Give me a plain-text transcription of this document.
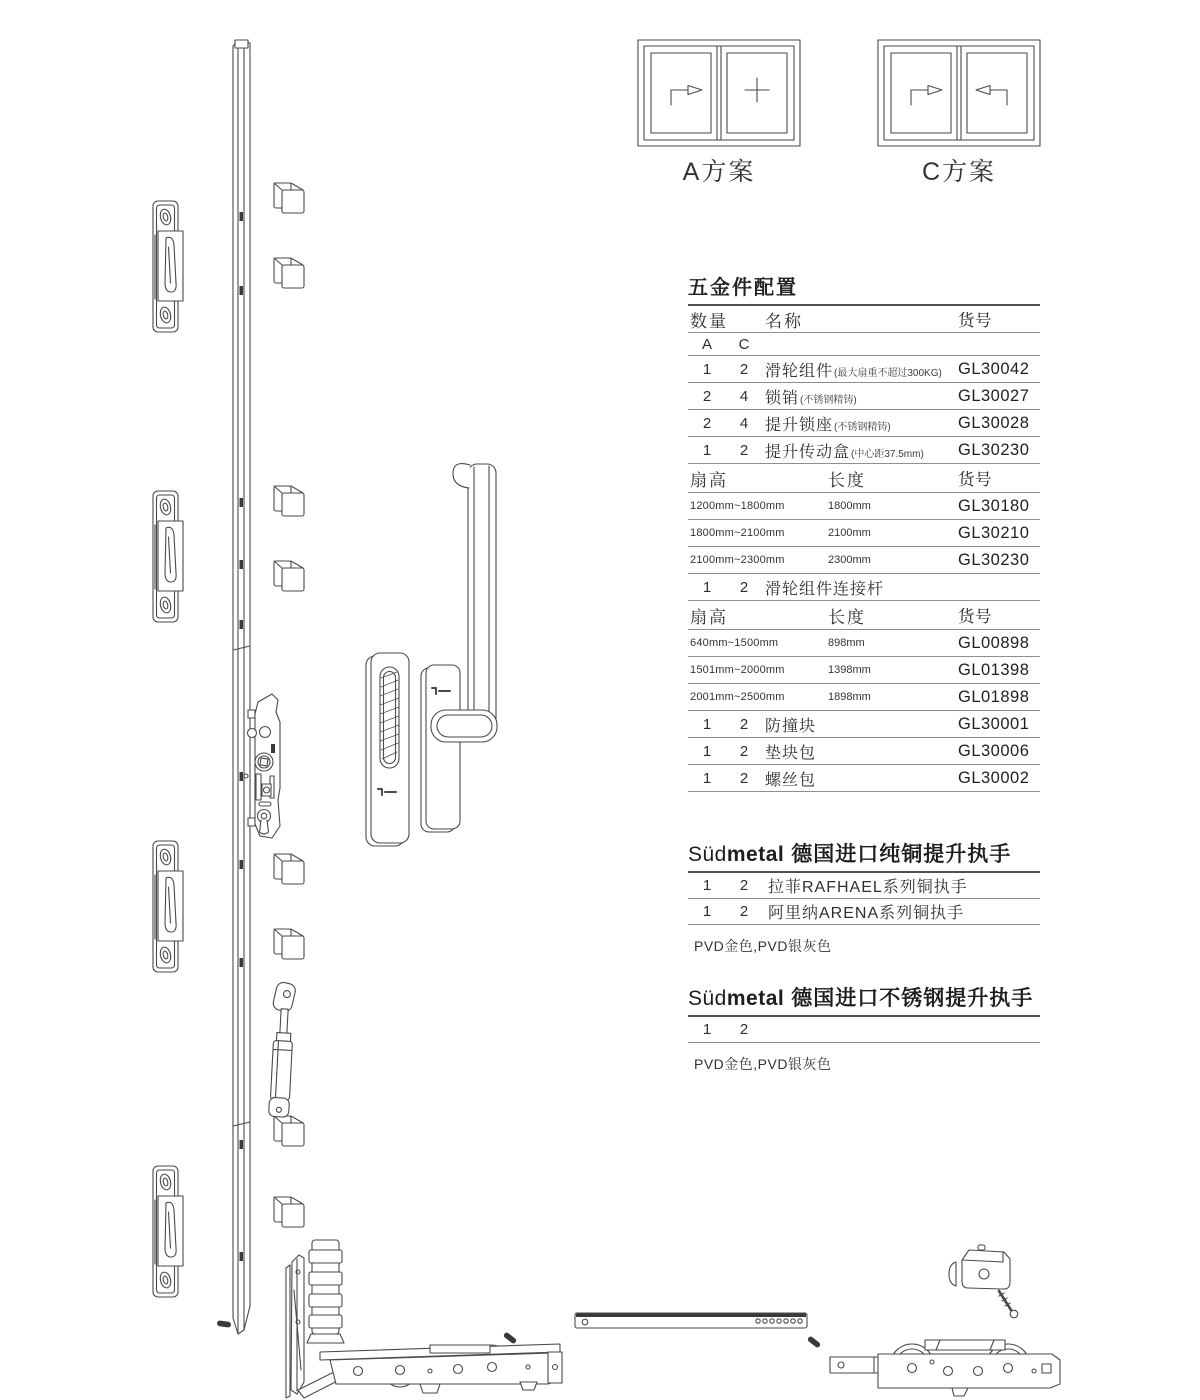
A方案	C方案
五金件配置
数量	名称	货号
A	C
1	2	滑轮组件(最大扇重不超过300KG) GL30042
2	4	锁销(不锈钢精铸)	GL30027
2	4	提升锁座(不锈钢精铸)	GL30028
1	2	提升传动盒(中心距37.5mm)	GL30230
扇高	长度	货号
1200mm~1800mm	1800mm	GL30180
1800mm~2100mm	2100mm	GL30210
2100mm~2300mm	2300mm	GL30230
1	2	滑轮组件连接杆
扇高	长度	货号
640mm~1500mm	898mm	GL00898
1501mm~2000mm	1398mm	GL01398
2001mm~2500mm	1898mm	GL01898
1	2	防撞块	GL30001
1	2	垫块包	GL30006
1	2	螺丝包	GL30002
Südmetal 德国进口纯铜提升执手
1	2	拉菲RAFHAEL系列铜执手
1	2	阿里纳ARENA系列铜执手
PVD金色,PVD银灰色
Südmetal 德国进口不锈钢提升执手
1	2
PVD金色,PVD银灰色
